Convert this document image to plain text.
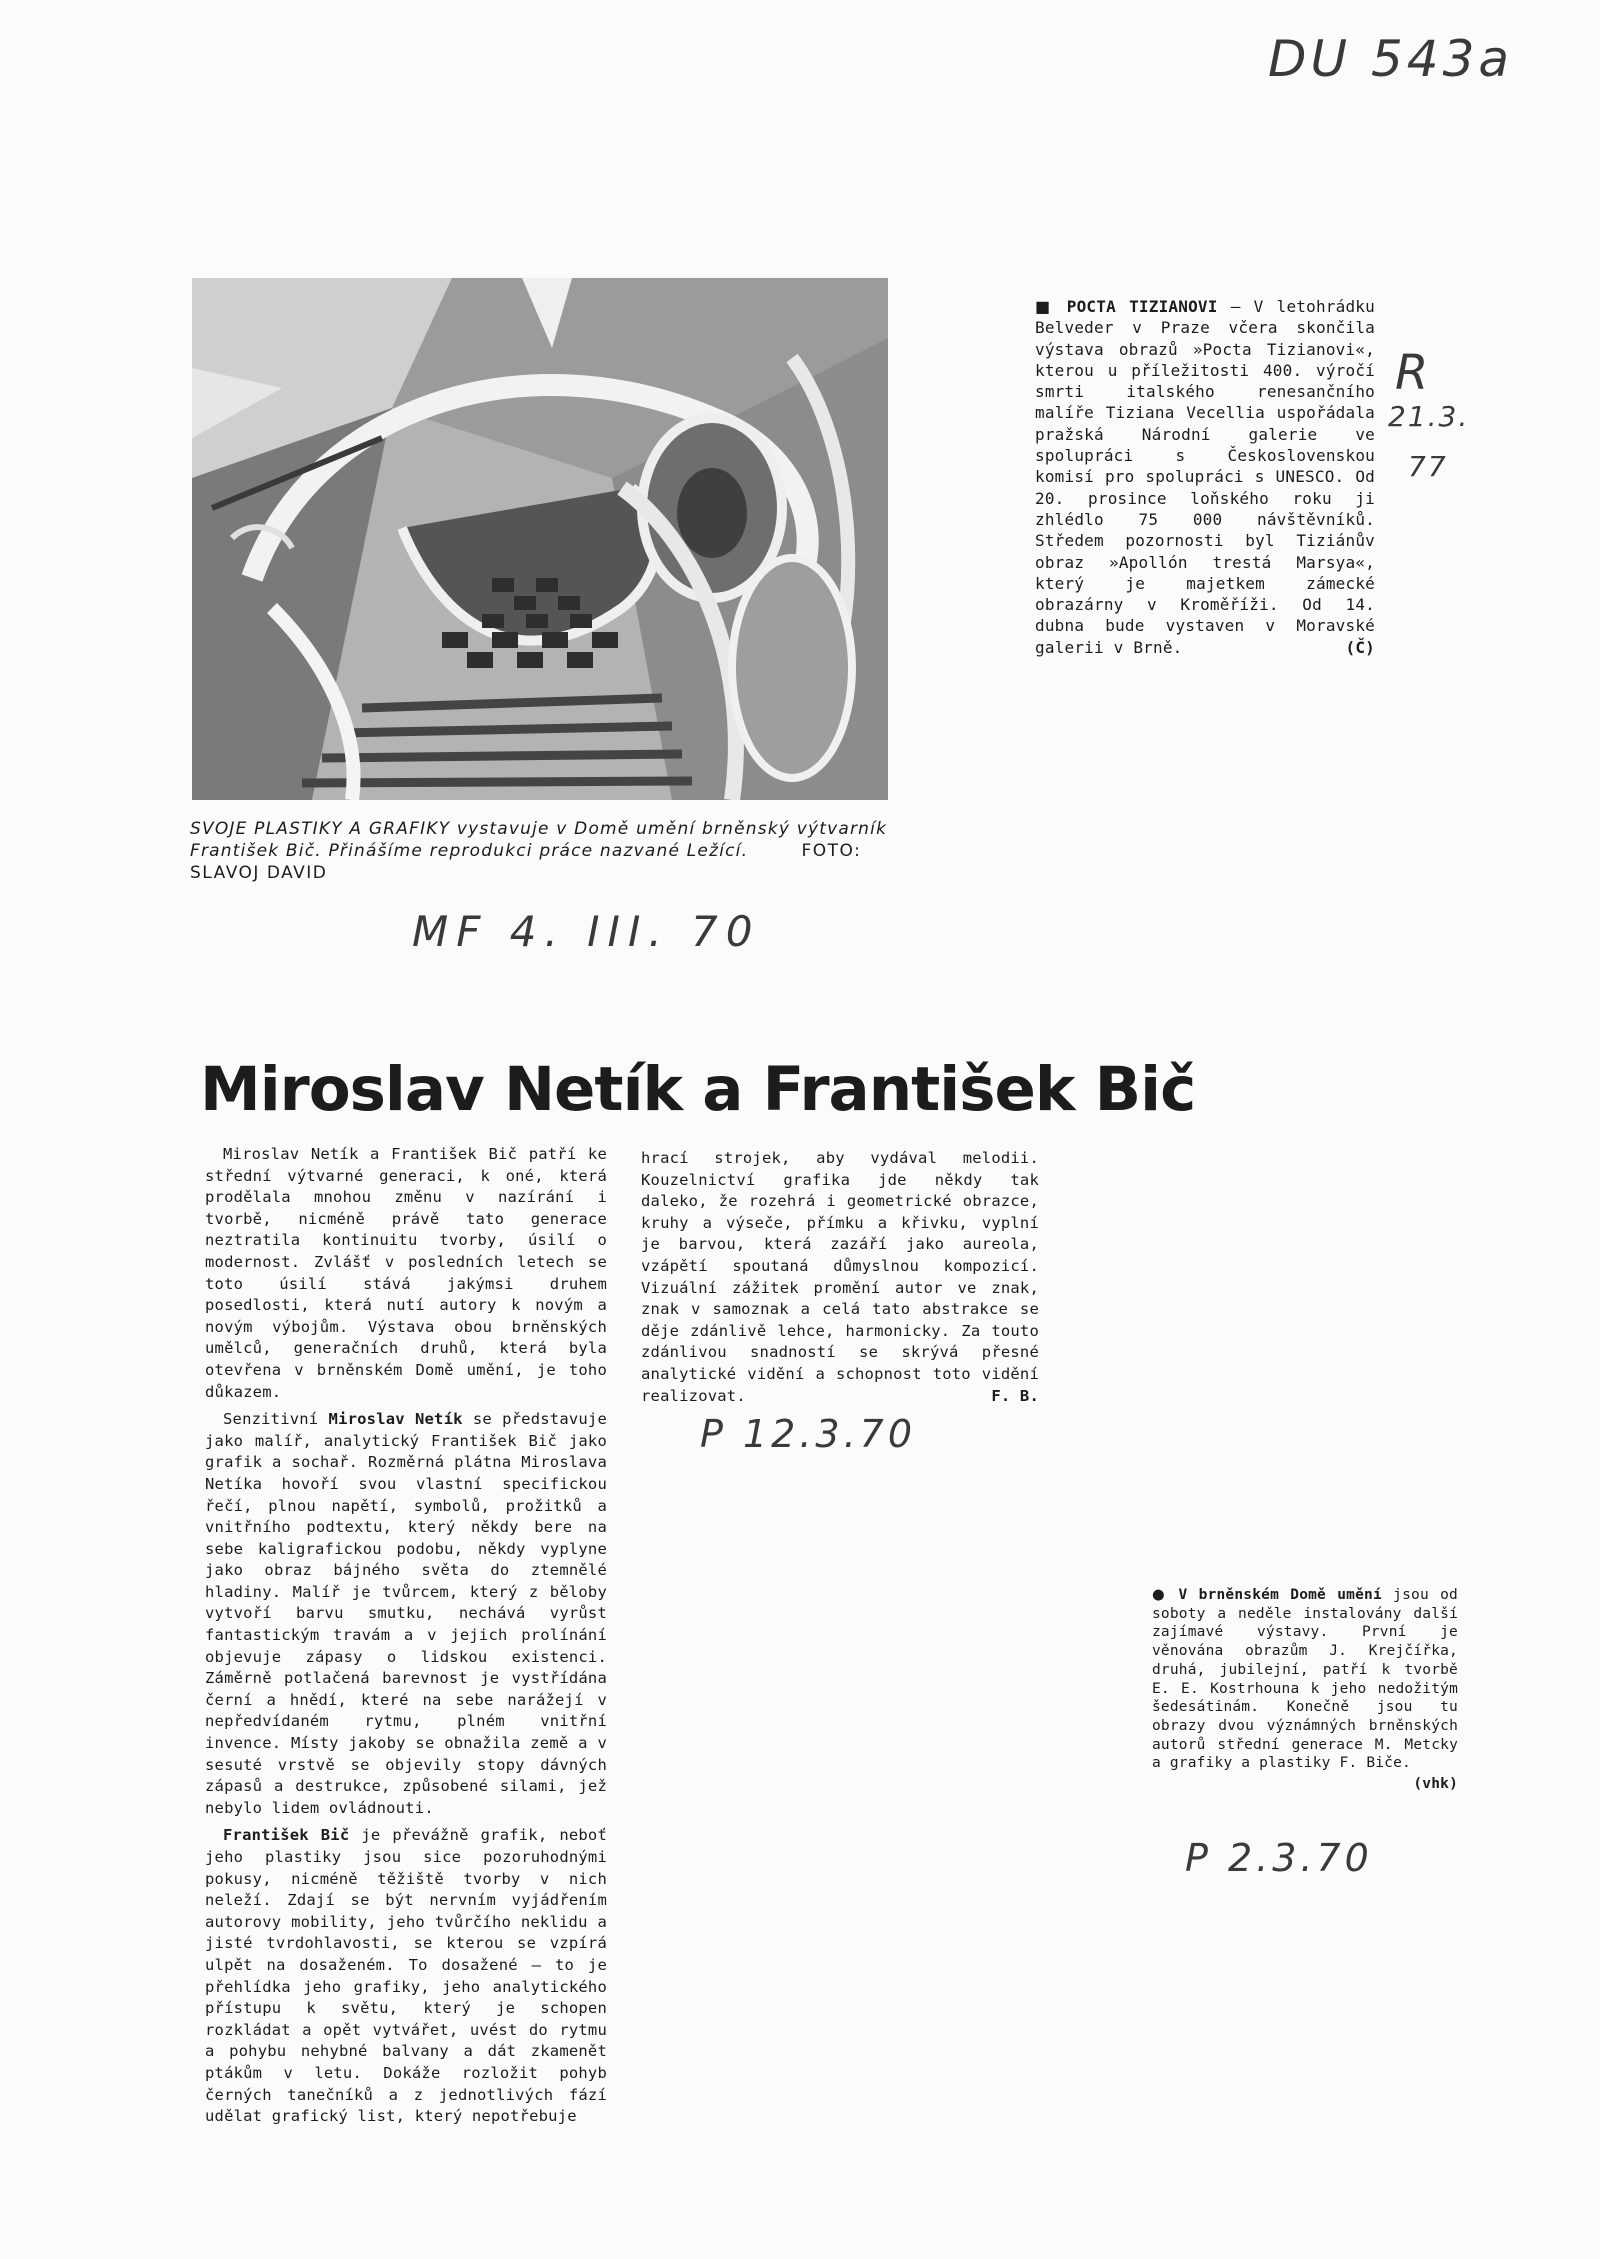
DU 543a
R
21.3.
77
MF 4. III. 70
P 2.3.70
P 12.3.70
SVOJE PLASTIKY A GRAFIKY vystavuje v Domě umění brněnský výtvarník František Bič. Přinášíme reprodukci práce nazvané Ležící.	FOTO: SLAVOJ DAVID
Miroslav Netík a František Bič

Miroslav Netík a František Bič patří ke střední výtvarné generaci, k oné, která prodělala mnohou změnu v nazírání i tvorbě, nicméně právě tato generace neztratila kontinuitu tvorby, úsilí o modernost. Zvlášť v posledních letech se toto úsilí stává jakýmsi druhem posedlosti, která nutí autory k novým a novým výbojům. Výstava obou brněnských umělců, generačních druhů, která byla otevřena v brněnském Domě umění, je toho důkazem.

Senzitivní Miroslav Netík se představuje jako malíř, analytický František Bič jako grafik a sochař. Rozměrná plátna Miroslava Netíka hovoří svou vlastní specifickou řečí, plnou napětí, symbolů, prožitků a vnitřního podtextu, který někdy bere na sebe kaligrafickou podobu, někdy vyplyne jako obraz bájného světa do ztemnělé hladiny. Malíř je tvůrcem, který z běloby vytvoří barvu smutku, nechává vyrůst fantastickým travám a v jejich prolínání objevuje zápasy o lidskou existenci. Záměrně potlačená barevnost je vystřídána černí a hnědí, které na sebe narážejí v nepředvídaném rytmu, plném vnitřní invence. Místy jakoby se obnažila země a v sesuté vrstvě se objevily stopy dávných zápasů a destrukce, způsobené silami, jež nebylo lidem ovládnouti.

František Bič je převážně grafik, neboť jeho plastiky jsou sice pozoruhodnými pokusy, nicméně těžiště tvorby v nich neleží. Zdají se být nervním vyjádřením autorovy mobility, jeho tvůrčího neklidu a jisté tvrdohlavosti, se kterou se vzpírá ulpět na dosaženém. To dosažené — to je přehlídka jeho grafiky, jeho analytického přístupu k světu, který je schopen rozkládat a opět vytvářet, uvést do rytmu a pohybu nehybné balvany a dát zkamenět ptákům v letu. Dokáže rozložit pohyb černých tanečníků a z jednotlivých fází udělat grafický list, který nepotřebuje

hrací strojek, aby vydával melodii. Kouzelnictví grafika jde někdy tak daleko, že rozehrá i geometrické obrazce, kruhy a výseče, přímku a křivku, vyplní je barvou, která zazáří jako aureola, vzápětí spoutaná důmyslnou kompozicí. Vizuální zážitek promění autor ve znak, znak v samoznak a celá tato abstrakce se děje zdánlivě lehce, harmonicky. Za touto zdánlivou snadností se skrývá přesné analytické vidění a schopnost toto vidění realizovat.	F. B.

■ POCTA TIZIANOVI — V letohrádku Belveder v Praze včera skončila výstava obrazů »Pocta Tizianovi«, kterou u příležitosti 400. výročí smrti italského renesančního malíře Tiziana Vecellia uspořádala pražská Národní galerie ve spolupráci s Československou komisí pro spolupráci s UNESCO. Od 20. prosince loňského roku ji zhlédlo 75 000 návštěvníků. Středem pozornosti byl Tiziánův obraz »Apollón trestá Marsya«, který je majetkem zámecké obrazárny v Kroměříži. Od 14. dubna bude vystaven v Moravské galerii v Brně.	(Č)

● V brněnském Domě umění jsou od soboty a neděle instalovány další zajímavé výstavy. První je věnována obrazům J. Krejčířka, druhá, jubilejní, patří k tvorbě E. E. Kostrhouna k jeho nedožitým šedesátinám. Konečně jsou tu obrazy dvou význámných brněnských autorů střední generace M. Metcky a grafiky a plastiky F. Biče.

(vhk)
